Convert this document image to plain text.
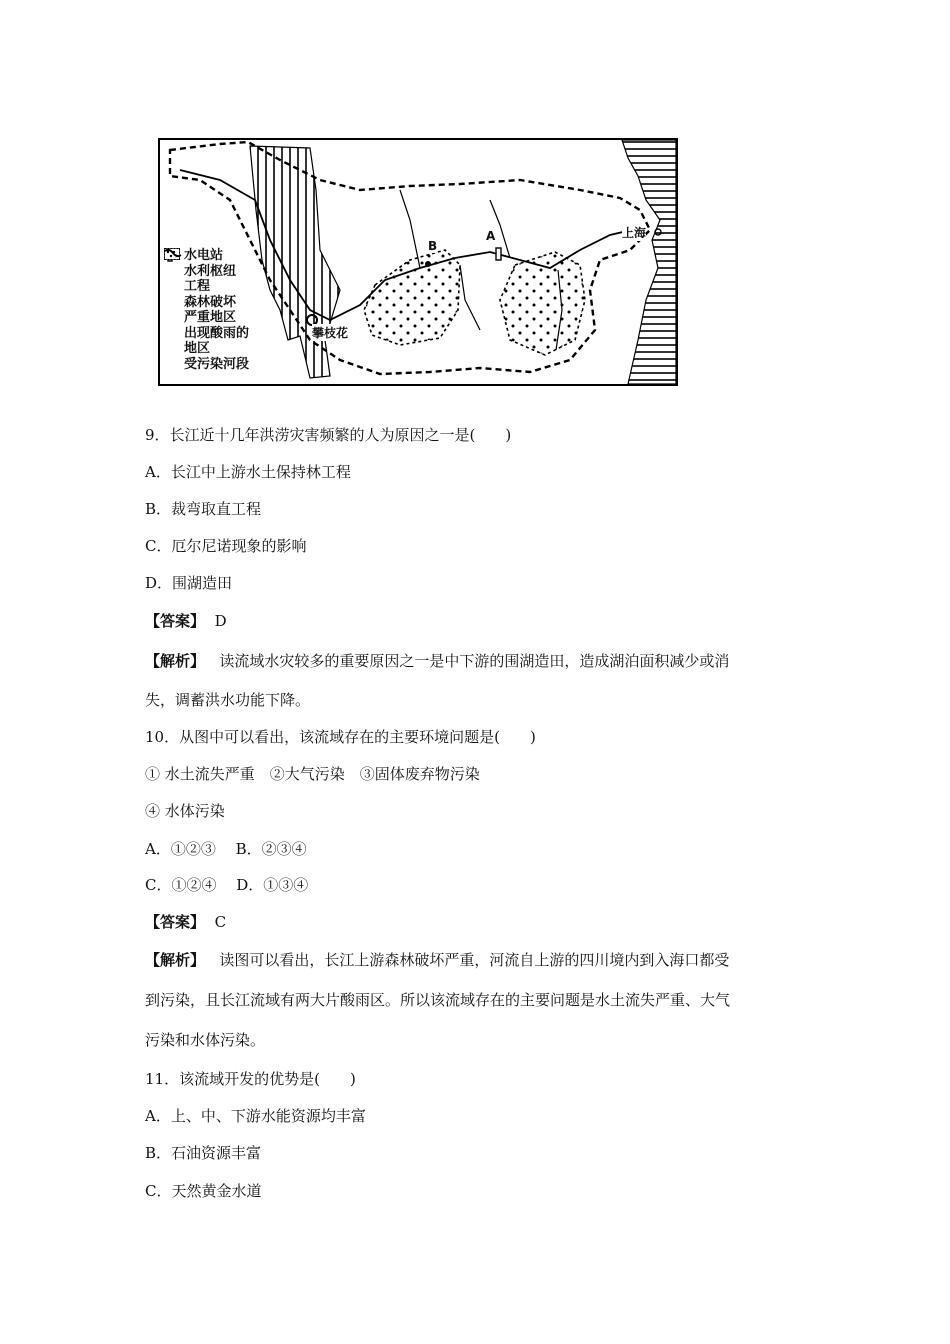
水电站
水利枢纽
工程
森林破坏
严重地区
出现酸雨的
地区
受污染河段
B
A	上海
攀枝花
9．长江近十几年洪涝灾害频繁的人为原因之一是(　　)
A．长江中上游水土保持林工程
B．裁弯取直工程
C．厄尔尼诺现象的影响
D．围湖造田
【答案】 D
【解析】 读流域水灾较多的重要原因之一是中下游的围湖造田，造成湖泊面积减少或消
失，调蓄洪水功能下降。
10．从图中可以看出，该流域存在的主要环境问题是(　　)
① 水土流失严重　②大气污染　③固体废弃物污染
④ 水体污染
A．①②③　 B．②③④
C．①②④　 D．①③④
【答案】 C
【解析】 读图可以看出，长江上游森林破坏严重，河流自上游的四川境内到入海口都受
到污染，且长江流域有两大片酸雨区。所以该流域存在的主要问题是水土流失严重、大气
污染和水体污染。
11．该流域开发的优势是(　　)
A．上、中、下游水能资源均丰富
B．石油资源丰富
C．天然黄金水道
